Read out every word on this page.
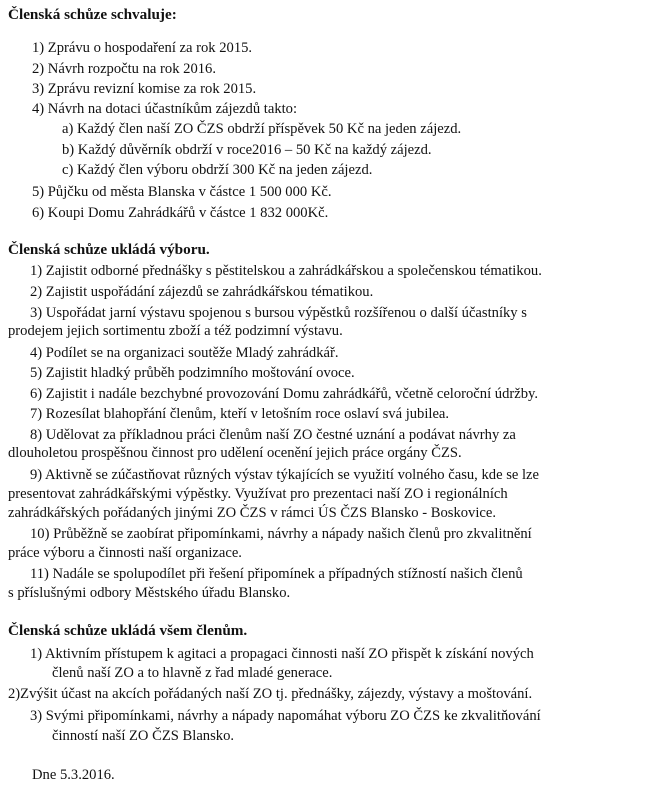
Členská schůze schvaluje:
1) Zprávu o hospodaření za rok 2015.
2) Návrh rozpočtu na rok 2016.
3) Zprávu revizní komise za rok 2015.
4) Návrh na dotaci účastníkům zájezdů takto:
a) Každý člen naší ZO ČZS obdrží příspěvek 50 Kč na jeden zájezd.
b) Každý důvěrník obdrží v roce2016 – 50 Kč na každý zájezd.
c) Každý člen výboru obdrží 300 Kč na jeden zájezd.
5) Půjčku od města Blanska v částce 1 500 000 Kč.
6) Koupi Domu Zahrádkářů v částce 1 832 000Kč.
Členská schůze ukládá výboru.
1) Zajistit odborné přednášky s pěstitelskou a zahrádkářskou a společenskou tématikou.
2) Zajistit uspořádání zájezdů se zahrádkářskou tématikou.
3) Uspořádat jarní výstavu spojenou s bursou výpěstků rozšířenou o další účastníky s
prodejem jejich sortimentu zboží a též podzimní výstavu.
4) Podílet se na organizaci soutěže Mladý zahrádkář.
5) Zajistit hladký průběh podzimního moštování ovoce.
6) Zajistit i nadále bezchybné provozování Domu zahrádkářů, včetně celoroční údržby.
7) Rozesílat blahopřání členům, kteří v letošním roce oslaví svá jubilea.
8) Udělovat za příkladnou práci členům naší ZO čestné uznání a podávat návrhy za
dlouholetou prospěšnou činnost pro udělení ocenění jejich práce orgány ČZS.
9) Aktivně se zúčastňovat různých výstav týkajících se využití volného času, kde se lze
presentovat zahrádkářskými výpěstky. Využívat pro prezentaci naší ZO i regionálních
zahrádkářských pořádaných jinými ZO ČZS v rámci ÚS ČZS Blansko - Boskovice.
10) Průběžně se zaobírat připomínkami, návrhy a nápady našich členů pro zkvalitnění
práce výboru a činnosti naší organizace.
11) Nadále se spolupodílet při řešení připomínek a případných stížností našich členů
s příslušnými odbory Městského úřadu Blansko.
Členská schůze ukládá všem členům.
1) Aktivním přístupem k agitaci a propagaci činnosti naší ZO přispět k získání nových
členů naší ZO a to hlavně z řad mladé generace.
2)Zvýšit účast na akcích pořádaných naší ZO tj. přednášky, zájezdy, výstavy a moštování.
3) Svými připomínkami, návrhy a nápady napomáhat výboru ZO ČZS ke zkvalitňování
činností naší ZO ČZS Blansko.
Dne 5.3.2016.
